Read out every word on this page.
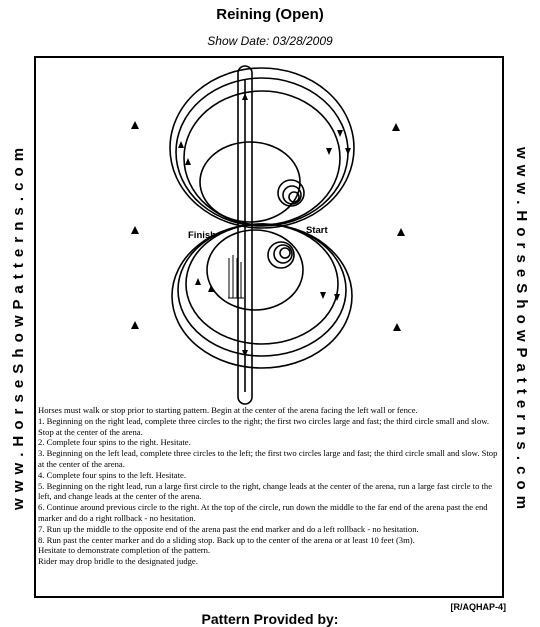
Reining (Open)
Show Date: 03/28/2009
w w w . H o r s e S h o w P a t t e r n s . c o m	w w w . H o r s e S h o w P a t t e r n s . c o m
Finish	Start

Horses must walk or stop prior to starting pattern. Begin at the center of the arena facing the left wall or fence.

1. Beginning on the right lead, complete three circles to the right; the first two circles large and fast; the third circle small and slow. Stop at the center of the arena.

2. Complete four spins to the right. Hesitate.

3. Beginning on the left lead, complete three circles to the left; the first two circles large and fast; the third circle small and slow. Stop at the center of the arena.

4. Complete four spins to the left. Hesitate.

5. Beginning on the right lead, run a large first circle to the right, change leads at the center of the arena, run a large fast circle to the left, and change leads at the center of the arena.

6. Continue around previous circle to the right. At the top of the circle, run down the middle to the far end of the arena past the end marker and do a right rollback - no hesitation.

7. Run up the middle to the opposite end of the arena past the end marker and do a left rollback - no hesitation.

8. Run past the center marker and do a sliding stop. Back up to the center of the arena or at least 10 feet (3m).

Hesitate to demonstrate completion of the pattern.

Rider may drop bridle to the designated judge.

[R/AQHAP-4]
Pattern Provided by:
